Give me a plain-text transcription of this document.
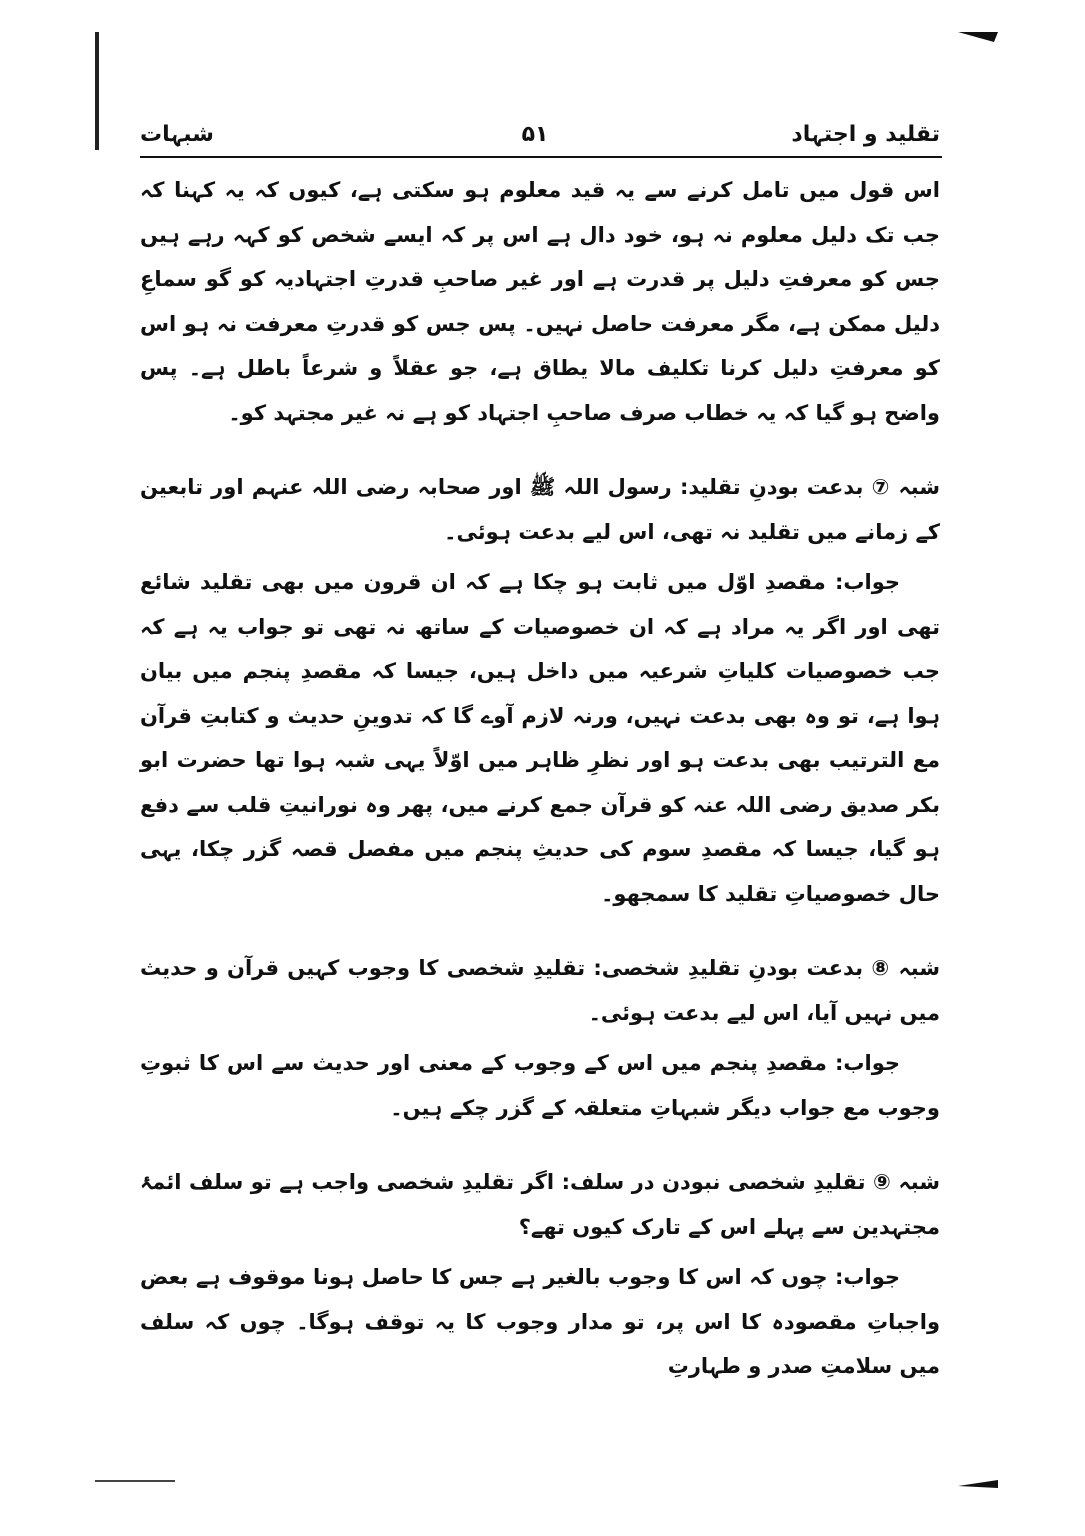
شبہات	۵۱	تقلید و اجتہاد

اس قول میں تامل کرنے سے یہ قید معلوم ہو سکتی ہے، کیوں کہ یہ کہنا کہ جب تک دلیل معلوم نہ ہو، خود دال ہے اس پر کہ ایسے شخص کو کہہ رہے ہیں جس کو معرفتِ دلیل پر قدرت ہے اور غیر صاحبِ قدرتِ اجتہادیہ کو گو سماعِ دلیل ممکن ہے، مگر معرفت حاصل نہیں۔ پس جس کو قدرتِ معرفت نہ ہو اس کو معرفتِ دلیل کرنا تکلیف مالا یطاق ہے، جو عقلاً و شرعاً باطل ہے۔ پس واضح ہو گیا کہ یہ خطاب صرف صاحبِ اجتہاد کو ہے نہ غیر مجتہد کو۔

شبہ ⑦ بدعت بودنِ تقلید: رسول اللہ ﷺ اور صحابہ رضی اللہ عنہم اور تابعین کے زمانے میں تقلید نہ تھی، اس لیے بدعت ہوئی۔

جواب: مقصدِ اوّل میں ثابت ہو چکا ہے کہ ان قرون میں بھی تقلید شائع تھی اور اگر یہ مراد ہے کہ ان خصوصیات کے ساتھ نہ تھی تو جواب یہ ہے کہ جب خصوصیات کلیاتِ شرعیہ میں داخل ہیں، جیسا کہ مقصدِ پنجم میں بیان ہوا ہے، تو وہ بھی بدعت نہیں، ورنہ لازم آوے گا کہ تدوینِ حدیث و کتابتِ قرآن مع الترتیب بھی بدعت ہو اور نظرِ ظاہر میں اوّلاً یہی شبہ ہوا تھا حضرت ابو بکر صدیق رضی اللہ عنہ کو قرآن جمع کرنے میں، پھر وہ نورانیتِ قلب سے دفع ہو گیا، جیسا کہ مقصدِ سوم کی حدیثِ پنجم میں مفصل قصہ گزر چکا، یہی حال خصوصیاتِ تقلید کا سمجھو۔

شبہ ⑧ بدعت بودنِ تقلیدِ شخصی: تقلیدِ شخصی کا وجوب کہیں قرآن و حدیث میں نہیں آیا، اس لیے بدعت ہوئی۔

جواب: مقصدِ پنجم میں اس کے وجوب کے معنی اور حدیث سے اس کا ثبوتِ وجوب مع جواب دیگر شبہاتِ متعلقہ کے گزر چکے ہیں۔

شبہ ⑨ تقلیدِ شخصی نبودن در سلف: اگر تقلیدِ شخصی واجب ہے تو سلف ائمۂ مجتہدین سے پہلے اس کے تارک کیوں تھے؟

جواب: چوں کہ اس کا وجوب بالغیر ہے جس کا حاصل ہونا موقوف ہے بعض واجباتِ مقصودہ کا اس پر، تو مدار وجوب کا یہ توقف ہوگا۔ چوں کہ سلف میں سلامتِ صدر و طہارتِ
